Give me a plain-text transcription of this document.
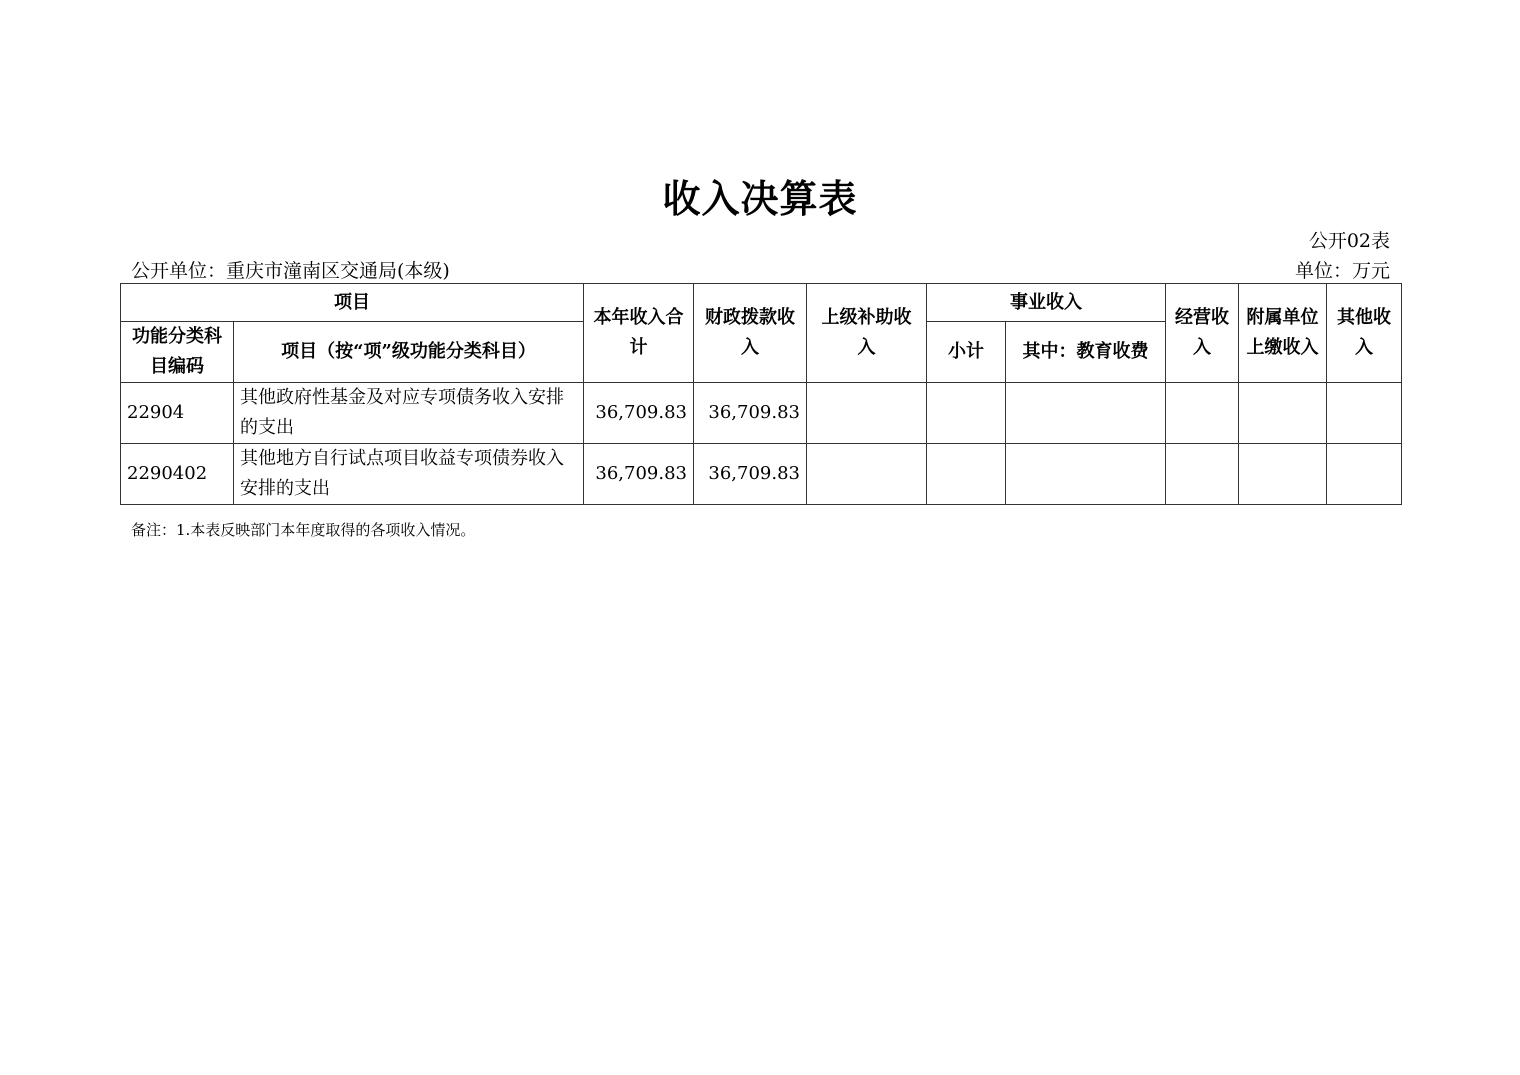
收入决算表
公开02表
公开单位：重庆市潼南区交通局(本级)	单位：万元
项目		本年收入合计	财政拨款收入	上级补助收入	事业收入		经营收入	附属单位上缴收入	其他收入
功能分类科目编码	项目（按“项”级功能分类科目）				小计	其中：教育收费			
22904	其他政府性基金及对应专项债务收入安排的支出	36,709.83	36,709.83						
2290402	其他地方自行试点项目收益专项债券收入安排的支出	36,709.83	36,709.83						
备注：1.本表反映部门本年度取得的各项收入情况。
